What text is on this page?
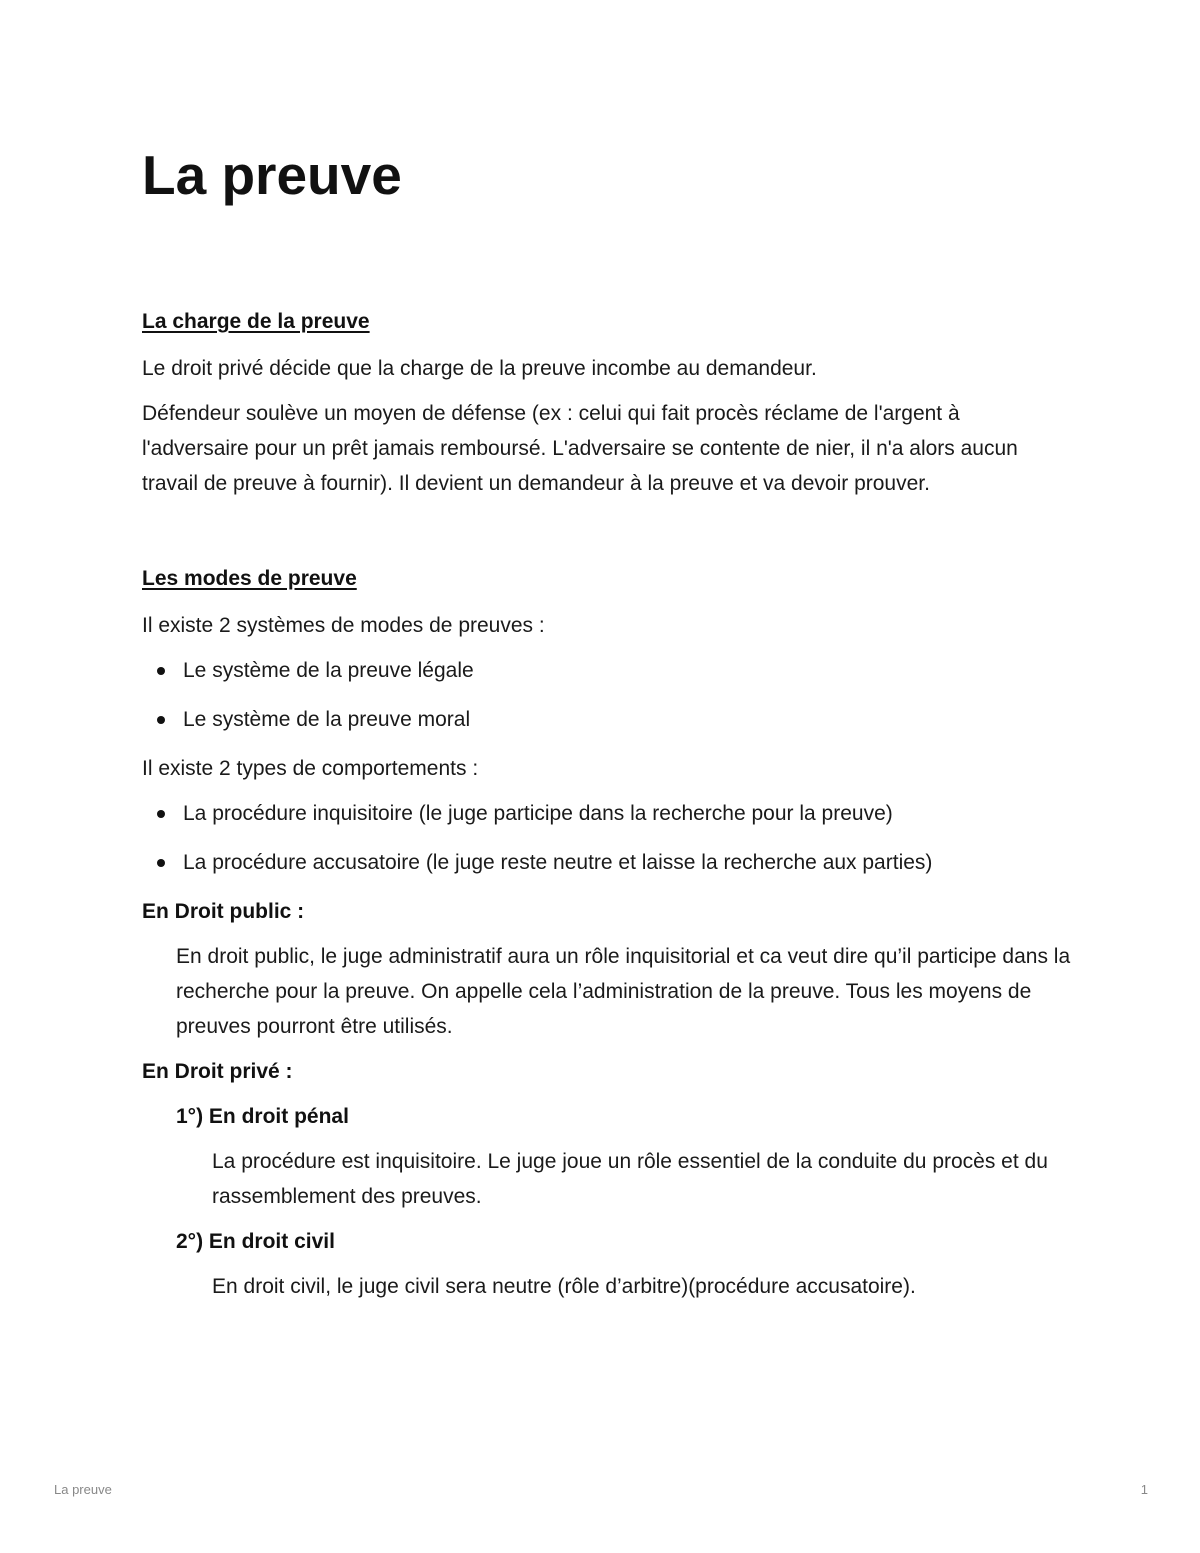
La preuve
La charge de la preuve

Le droit privé décide que la charge de la preuve incombe au demandeur.

Défendeur soulève un moyen de défense (ex : celui qui fait procès réclame de l'argent à l'adversaire pour un prêt jamais remboursé. L'adversaire se contente de nier, il n'a alors aucun travail de preuve à fournir). Il devient un demandeur à la preuve et va devoir prouver.

Les modes de preuve

Il existe 2 systèmes de modes de preuves :

Le système de la preuve légale
Le système de la preuve moral

Il existe 2 types de comportements :

La procédure inquisitoire (le juge participe dans la recherche pour la preuve)
La procédure accusatoire (le juge reste neutre et laisse la recherche aux parties)
En Droit public :

En droit public, le juge administratif aura un rôle inquisitorial et ca veut dire qu’il participe dans la recherche pour la preuve. On appelle cela l’administration de la preuve. Tous les moyens de preuves pourront être utilisés.

En Droit privé :
1°) En droit pénal

La procédure est inquisitoire. Le juge joue un rôle essentiel de la conduite du procès et du rassemblement des preuves.

2°) En droit civil

En droit civil, le juge civil sera neutre (rôle d’arbitre)(procédure accusatoire).

La preuve	1
